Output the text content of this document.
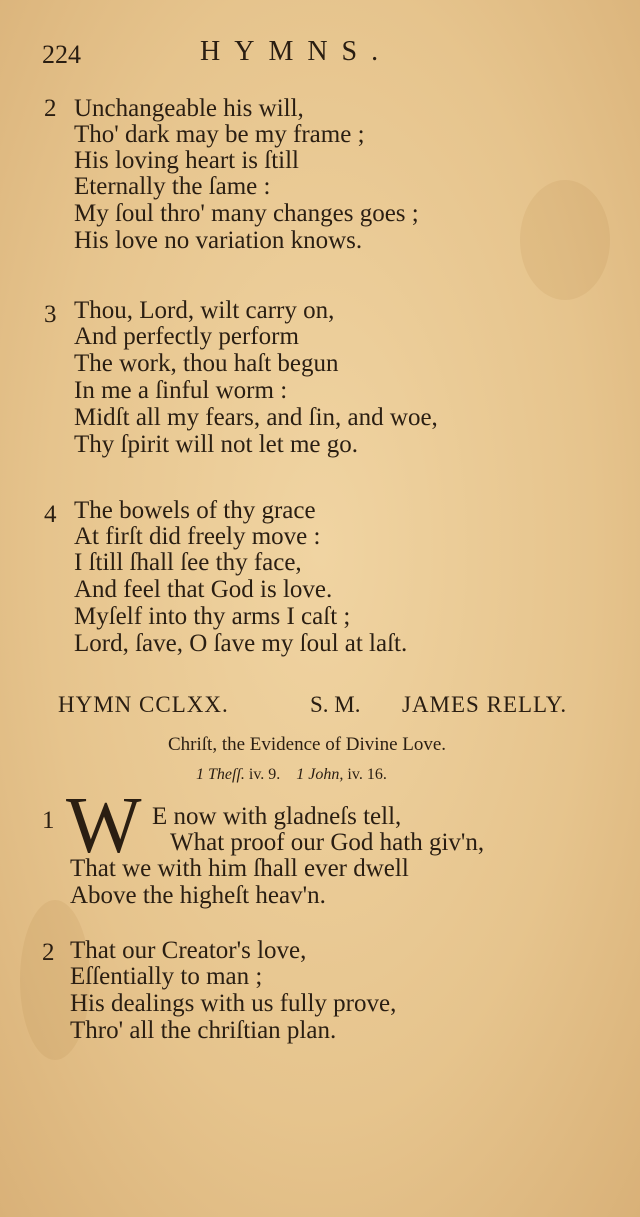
224	HYMNS.
2 Unchangeable his will,
Tho' dark may be my frame ;
His loving heart is ſtill
Eternally the ſame :
My ſoul thro' many changes goes ;
His love no variation knows.
3 Thou, Lord, wilt carry on,
And perfectly perform
The work, thou haſt begun
In me a ſinful worm :
Midſt all my fears, and ſin, and woe,
Thy ſpirit will not let me go.
4 The bowels of thy grace
At firſt did freely move :
I ſtill ſhall ſee thy face,
And feel that God is love.
Myſelf into thy arms I caſt ;
Lord, ſave, O ſave my ſoul at laſt.
HYMN CCLXX.	S. M. JAMES RELLY.
Chriſt, the Evidence of Divine Love.
1 Theſſ. iv. 9. 1 John, iv. 16.
1 W E now with gladneſs tell,
What proof our God hath giv'n,
That we with him ſhall ever dwell
Above the higheſt heav'n.
2 That our Creator's love,
Eſſentially to man ;
His dealings with us fully prove,
Thro' all the chriſtian plan.
